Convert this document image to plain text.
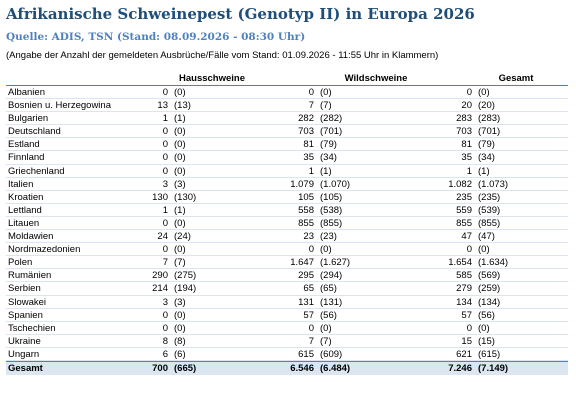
Afrikanische Schweinepest (Genotyp II) in Europa 2026
Quelle: ADIS, TSN (Stand: 08.09.2026 - 08:30 Uhr)
(Angabe der Anzahl der gemeldeten Ausbrüche/Fälle vom Stand: 01.09.2026 - 11:55 Uhr in Klammern)
Hausschweine	Wildschweine	Gesamt
Albanien	0 (0)	0 (0)	0 (0)
Bosnien u. Herzegowina	13 (13)	7 (7)	20 (20)
Bulgarien	1 (1)	282 (282)	283 (283)
Deutschland	0 (0)	703 (701)	703 (701)
Estland	0 (0)	81 (79)	81 (79)
Finnland	0 (0)	35 (34)	35 (34)
Griechenland	0 (0)	1 (1)	1 (1)
Italien	3 (3)	1.079 (1.070)	1.082 (1.073)
Kroatien	130 (130)	105 (105)	235 (235)
Lettland	1 (1)	558 (538)	559 (539)
Litauen	0 (0)	855 (855)	855 (855)
Moldawien	24 (24)	23 (23)	47 (47)
Nordmazedonien	0 (0)	0 (0)	0 (0)
Polen	7 (7)	1.647 (1.627)	1.654 (1.634)
Rumänien	290 (275)	295 (294)	585 (569)
Serbien	214 (194)	65 (65)	279 (259)
Slowakei	3 (3)	131 (131)	134 (134)
Spanien	0 (0)	57 (56)	57 (56)
Tschechien	0 (0)	0 (0)	0 (0)
Ukraine	8 (8)	7 (7)	15 (15)
Ungarn	6 (6)	615 (609)	621 (615)
Gesamt	700 (665)	6.546 (6.484)	7.246 (7.149)
